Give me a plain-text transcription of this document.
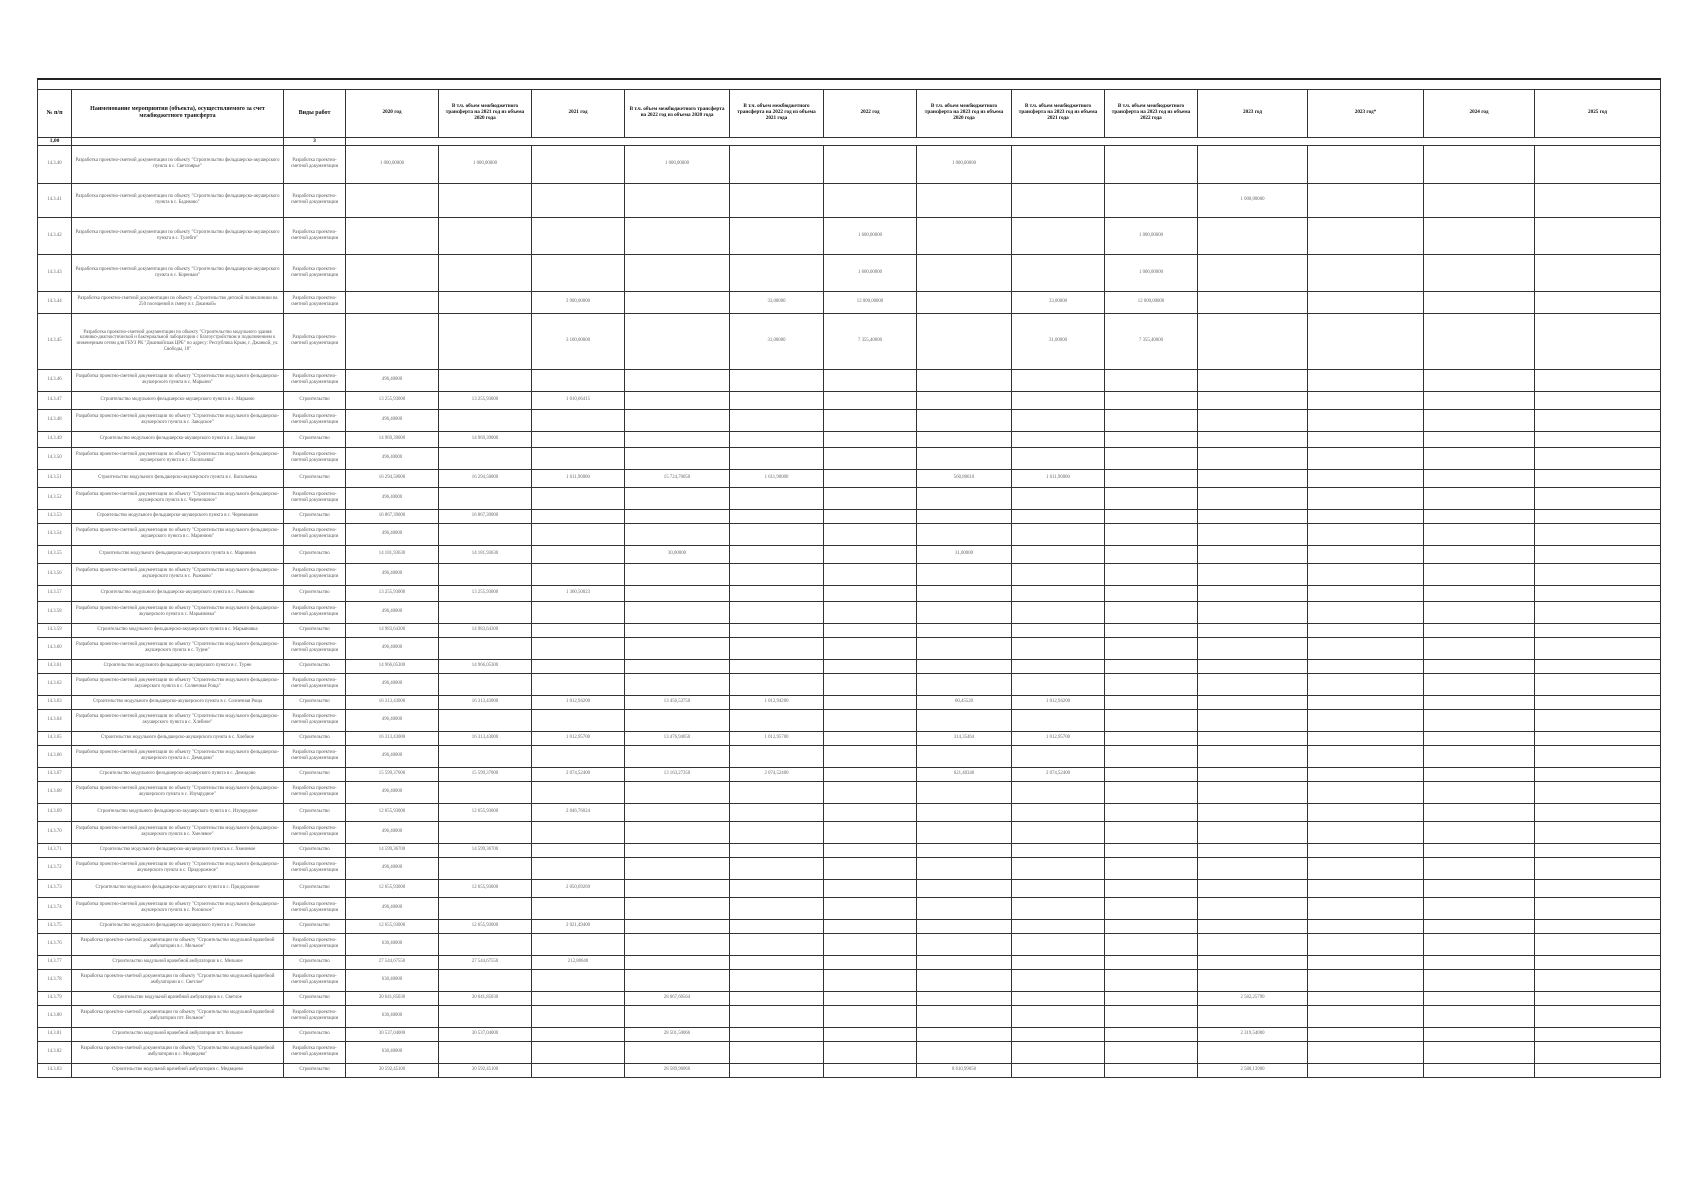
№ п/п	Наименование мероприятия (объекта), осуществляемого за счет межбюджетного трансферта	Виды работ	2020 год	В т.ч. объем межбюджетного трансферта на 2021 год из объема 2020 года	2021 год	В т.ч. объем межбюджетного трансферта на 2022 год из объема 2020 года	В т.ч. объем межбюджетного трансферта на 2022 год из объема 2021 года	2022 год	В т.ч. объем межбюджетного трансферта на 2023 год из объема 2020 года	В т.ч. объем межбюджетного трансферта на 2023 год из объема 2021 года	В т.ч. объем межбюджетного трансферта на 2023 год из объема 2022 года	2023 год	2023 год*	2024 год	2025 год
1,00		3													
14.3.40	Разработка проектно-сметной документации по объекту "Строительство фельдшерско-акушерского пункта в с. Светлоярье"	Разработка проектно-сметной документации	1 000,00000	1 000,00000		1 000,00000			1 000,00000						
14.3.41	Разработка проектно-сметной документации по объекту "Строительство фельдшерско-акушерского пункта в с. Бадиково"	Разработка проектно-сметной документации										1 000,00000			
14.3.42	Разработка проектно-сметной документации по объекту "Строительство фельдшерско-акушерского пункта в с. Тулебге"	Разработка проектно-сметной документации						1 600,00000			1 000,00000				
14.3.43	Разработка проектно-сметной документации по объекту "Строительство фельдшерско-акушерского пункта в с. Кореньки"	Разработка проектно-сметной документации						1 600,00000			1 000,00000				
14.3.44	Разработка проектно-сметной документации по объекту «Строительство детской поликлиники на 250 посещений в смену в г. Джанкой»	Разработка проектно-сметной документации			3 900,00000		33,00000	12 000,00000		33,00000	12 000,00000				
14.3.45	Разработка проектно-сметной документации по объекту "Строительство модульного здания клинико-диагностической и бактериальной лаборатории с благоустройством и подключением к инженерным сетям для ГБУЗ РК "Джанкойская ЦРБ" по адресу: Республика Крым, г. Джанкой, ул. Свободы, 18"	Разработка проектно-сметной документации			3 100,00000		31,00000	7 355,40000		31,00000	7 355,40000				
14.3.46	Разработка проектно-сметной документации по объекту "Строительство модульного фельдшерско-акушерского пункта в с. Марьино"	Разработка проектно-сметной документации	496,40000												
14.3.47	Строительство модульного фельдшерско-акушерского пункта в с. Марьино	Строительство	13 255,93000	13 255,93000	1 010,66415										
14.3.48	Разработка проектно-сметной документации по объекту "Строительство модульного фельдшерско-акушерского пункта в с. Заводское"	Разработка проектно-сметной документации	496,40000												
14.3.49	Строительство модульного фельдшерско-акушерского пункта в с. Заводское	Строительство	14 969,39000	14 969,39000											
14.3.50	Разработка проектно-сметной документации по объекту "Строительство модульного фельдшерско-акушерского пункта в с. Васильевка"	Разработка проектно-сметной документации	496,40000												
14.3.51	Строительство модульного фельдшерско-акушерского пункта в с. Васильевка	Строительство	16 294,50000	16 294,50000	1 611,90000	15 724,70050	1 611,90000		560,80610	1 611,90000					
14.3.52	Разработка проектно-сметной документации по объекту "Строительство модульного фельдшерско-акушерского пункта в с. Черемошное"	Разработка проектно-сметной документации	496,40000												
14.3.53	Строительство модульного фельдшерско-акушерского пункта в с. Черемошное	Строительство	16 867,39000	16 867,39000											
14.3.54	Разработка проектно-сметной документации по объекту "Строительство модульного фельдшерско-акушерского пункта в с. Маринино"	Разработка проектно-сметной документации	496,40000												
14.3.55	Строительство модульного фельдшерско-акушерского пункта в с. Маринино	Строительство	14 181,93630	14 181,93630		30,00000			31,00000						
14.3.56	Разработка проектно-сметной документации по объекту "Строительство модульного фельдшерско-акушерского пункта в с. Рыжково"	Разработка проектно-сметной документации	496,40000												
14.3.57	Строительство модульного фельдшерско-акушерского пункта в с. Рыжково	Строительство	13 255,93000	13 255,93000	1 360,50023										
14.3.58	Разработка проектно-сметной документации по объекту "Строительство модульного фельдшерско-акушерского пункта в с. Марьяновка"	Разработка проектно-сметной документации	496,40000												
14.3.59	Строительство модульного фельдшерско-акушерского пункта в с. Марьяновка	Строительство	14 983,64300	14 983,64300											
14.3.60	Разработка проектно-сметной документации по объекту "Строительство модульного фельдшерско-акушерского пункта в с. Турне"	Разработка проектно-сметной документации	496,40000												
14.3.61	Строительство модульного фельдшерско-акушерского пункта в с. Турне	Строительство	14 966,05300	14 966,05300											
14.3.62	Разработка проектно-сметной документации по объекту "Строительство модульного фельдшерско-акушерского пункта в с. Солнечная Роща"	Разработка проектно-сметной документации	496,40000												
14.3.63	Строительство модульного фельдшерско-акушерского пункта в с. Солнечная Роща	Строительство	16 313,43000	16 313,43000	1 012,94200	13 456,53750	1 012,94200		60,45520	1 012,94200					
14.3.64	Разработка проектно-сметной документации по объекту "Строительство модульного фельдшерско-акушерского пункта в с. Хлебное"	Разработка проектно-сметной документации	496,40000												
14.3.65	Строительство модульного фельдшерско-акушерского пункта в с. Хлебное	Строительство	16 313,43000	16 313,43000	1 012,95700	13 476,94050	1 012,95700		314,35464	1 012,95700					
14.3.66	Разработка проектно-сметной документации по объекту "Строительство модульного фельдшерско-акушерского пункта в с. Демидово"	Разработка проектно-сметной документации	496,40000												
14.3.67	Строительство модульного фельдшерско-акушерского пункта в с. Демидово	Строительство	15 599,37000	15 599,37000	2 074,52400	13 163,27350	2 074,52400		621,40340	2 074,52400					
14.3.68	Разработка проектно-сметной документации по объекту "Строительство модульного фельдшерско-акушерского пункта в с. Изумрудное"	Разработка проектно-сметной документации	496,40000												
14.3.69	Строительство модульного фельдшерско-акушерского пункта в с. Изумрудное	Строительство	12 655,93000	12 655,93000	2 046,76024										
14.3.70	Разработка проектно-сметной документации по объекту "Строительство модульного фельдшерско-акушерского пункта в с. Хмелевое"	Разработка проектно-сметной документации	496,40000												
14.3.71	Строительство модульного фельдшерско-акушерского пункта в с. Хмелевое	Строительство	14 599,36700	14 599,36700											
14.3.72	Разработка проектно-сметной документации по объекту "Строительство модульного фельдшерско-акушерского пункта в с. Придорожное"	Разработка проектно-сметной документации	496,40000												
14.3.73	Строительство модульного фельдшерско-акушерского пункта в с. Придорожное	Строительство	12 655,93000	12 655,93000	2 050,69269										
14.3.74	Разработка проектно-сметной документации по объекту "Строительство модульного фельдшерско-акушерского пункта в с. Розовское"	Разработка проектно-сметной документации	496,40000												
14.3.75	Строительство модульного фельдшерско-акушерского пункта в с. Розовское	Строительство	12 655,93000	12 655,93000	2 021,49400										
14.3.76	Разработка проектно-сметной документации по объекту "Строительство модульной врачебной амбулатории в с. Мельное"	Разработка проектно-сметной документации	630,40000												
14.3.77	Строительство модульной врачебной амбулатории в с. Мельное	Строительство	27 544,67550	27 544,67550	212,80640										
14.3.78	Разработка проектно-сметной документации по объекту "Строительство модульной врачебной амбулатории в с. Светлое"	Разработка проектно-сметной документации	630,40000												
14.3.79	Строительство модульной врачебной амбулатории в с. Светлое	Строительство	30 641,85030	30 641,85030		28 667,60564						2 582,25790			
14.3.80	Разработка проектно-сметной документации по объекту "Строительство модульной врачебной амбулатории пгт. Вольное"	Разработка проектно-сметной документации	630,40000												
14.3.81	Строительство модульной врачебной амбулатории пгт. Вольное	Строительство	30 537,04000	30 537,04000		28 501,50066						2 319,54000			
14.3.82	Разработка проектно-сметной документации по объекту "Строительство модульной врачебной амбулатории в с. Медведево"	Разработка проектно-сметной документации	630,40000												
14.3.83	Строительство модульной врачебной амбулатории с. Медведево	Строительство	30 592,45100	30 592,45100		28 589,90066			8 610,99050			2 580,13900			
